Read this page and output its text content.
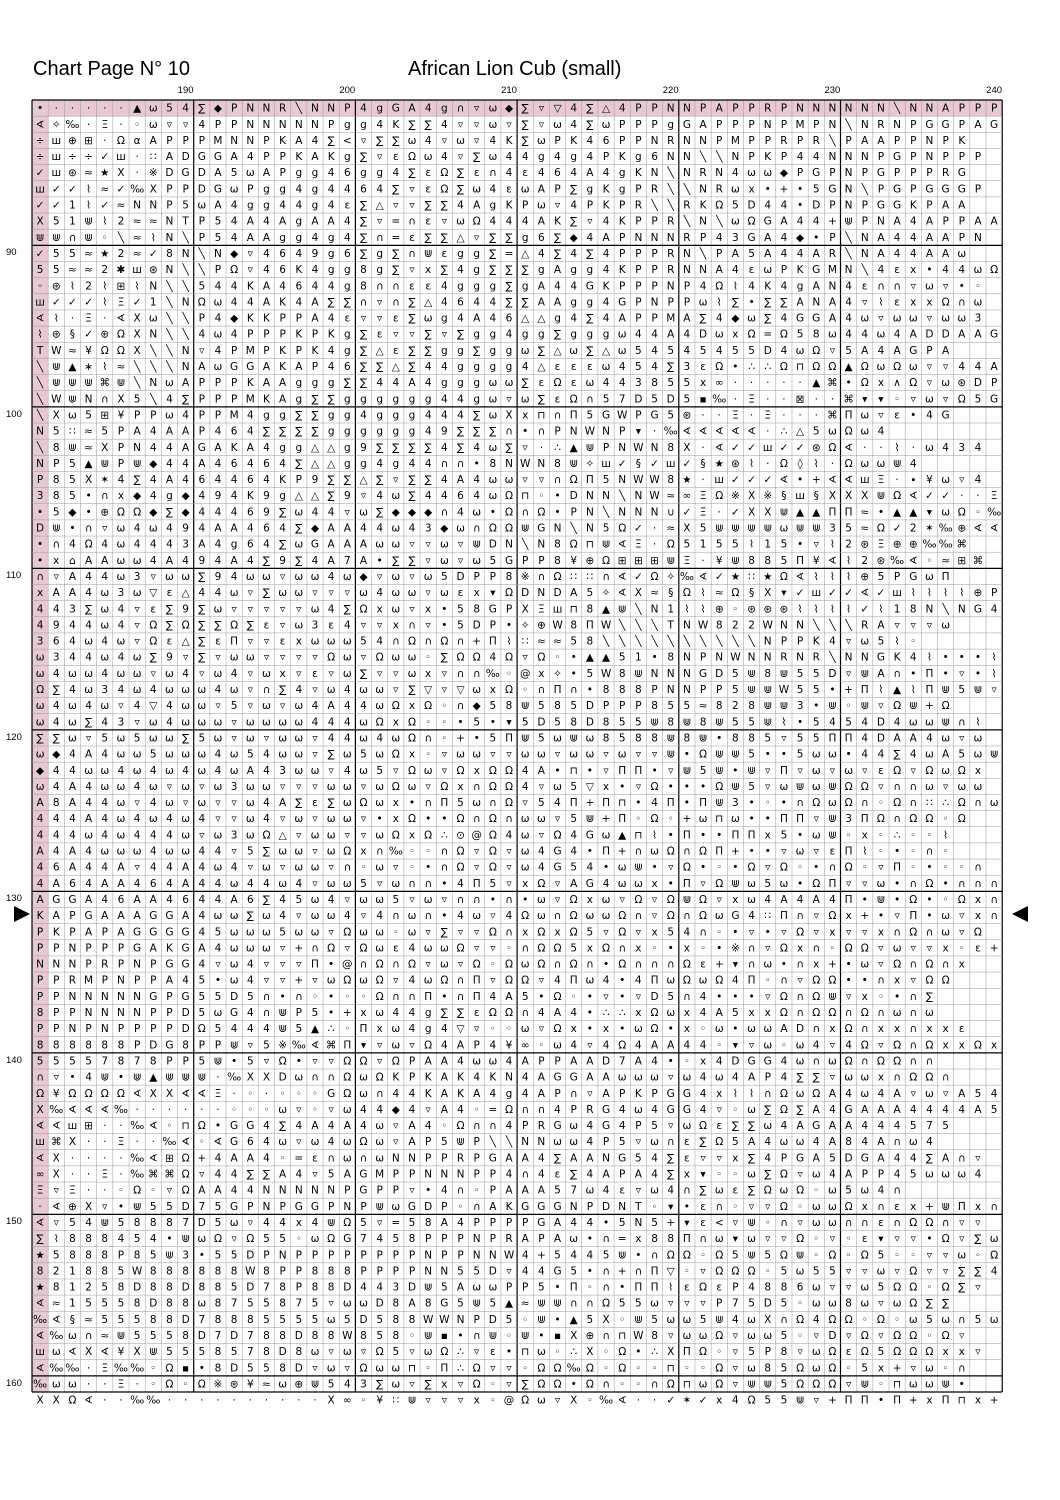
Chart Page N° 10	African Lion Cub (small)
190	200	210	220	230	240
90
100
110
120
130
140
150
160
• · · · · · ▲ ω 5 4 ∑ ◆ P N N R ╲ N N P 4 g G A 4 g ∩ ▿ ω ◆ ∑ ▿ ▽ 4 ∑ △ 4 P P N N P A P P R P N N N N N N ╲ N N A P P P
∢ ✧ ‰ · Ξ · ◦ ω ▿ ▿ 4 P P N N N N N P g g 4 K ∑ ∑ 4 ▿ ▿ ω ▿ ∑ ▿ ω 4 ∑ ω P P P g G A P P P N P M P N ╲ N R N P G G P A G
÷ ш ⊕ ⊞ · Ω α A P P P M N N P K A 4 ∑ < ▿ ∑ ∑ ω 4 ▿ ω ▿ 4 K ∑ ω P K 4 6 P P N R N N P M P P R P R ╲ P A A P P N P K
÷ ш ÷ ÷ ✓ ш · ∷ A D G G A 4 P P K A K g ∑ ▿ ε Ω ω 4 ▿ ∑ ω 4 4 g 4 g 4 P K g 6 N N ╲ ╲ N P K P 4 4 N N N P G P N P P P
✓ ш ⊛ ≈ ★ Ⅹ · ※ D G D A 5 ω A P g g 4 6 g g 4 ∑ ε Ω ∑ ε ∩ 4 ε 4 6 4 A 4 g K N ╲ N R N 4 ω ω ◆ P G P N P G P P P R G
ш ✓ ✓ ⌇ ≈ ✓ ‰ Χ P P D G ω P g g 4 g 4 4 6 4 ∑ ▿ ε Ω ∑ ω 4 ε ω A P ∑ g K g P R ╲ ╲ N R ω x • + • 5 G N ╲ P G P G G G P
✓ ✓ 1 ⌇ ✓ ≈ N N P 5 ω A 4 g g 4 4 g 4 ε ∑ △ ▿ ▿ ∑ ∑ 4 A g K P ω ▿ 4 P K P R ╲ ╲ R K Ω 5 D 4 4 • D P N P G G K P A A
Χ 5 1 ⋓ ⌇ 2 ≈ ≈ N T P 5 4 A 4 A g A A 4 ∑ ▿ = ∩ ε ▿ ω Ω 4 4 4 A K ∑ ▿ 4 K P P R ╲ N ╲ ω Ω G A 4 4 + ⋓ P N A 4 A P P A A
⋓ ⋓ ∩ ⋓ ◦ ╲ ≈ ⌇ N ╲ P 5 4 A A g g 4 g 4 ∑ ∩ = ε ∑ ∑ △ ▿ ∑ ∑ g 6 ∑ ◆ 4 A P N N N R P 4 3 G A 4 ◆ • P ╲ N A 4 4 A A P N
✓ 5 5 ≈ ★ 2 ≈ ✓ 8 N ╲ N ◆ ▿ 4 6 4 9 g 6 ∑ g ∑ ∩ ⋓ ε g g ∑ = △ 4 ∑ 4 ∑ 4 P P P R N ╲ P A 5 A 4 4 A R ╲ N A 4 4 A A ω
5 5 ≈ ≈ 2 ✱ ш ⊛ N ╲ ╲ P Ω ▿ 4 6 K 4 g g 8 g ∑ ▿ x ∑ 4 g ∑ ∑ ∑ g A g g 4 K P P R N N A 4 ε ω P K G M N ╲ 4 ε x • 4 4 ω Ω
◦ ⊛ ⌇ 2 ⌇ ⊞ ⌇ N ╲ ╲ 5 4 4 K A 4 6 4 4 g 8 ∩ ∩ ε ε 4 g g g ∑ g A 4 4 G K P P P N P 4 Ω ⌇ 4 K 4 g A N 4 ε ∩ ∩ ▿ ω ▿ • ◦
ш ✓ ✓ ✓ ⌇ Ξ ✓ 1 ╲ N Ω ω 4 4 A K 4 A ∑ ∑ ∩ ▿ ∩ ∑ △ 4 6 4 4 ∑ ∑ A A g g 4 G P N P P ω ⌇ ∑ • ∑ ∑ A N A 4 ▿ ⌇ ε x x Ω ∩ ω
∢ ⌇ · Ξ · ∢ Χ ω ╲ ╲ P 4 ◆ K K P P A 4 ε ▿ ▿ ε ∑ ω g 4 A 4 6 △ △ g 4 ∑ 4 A P P M A ∑ 4 ◆ ω ∑ 4 G G A 4 ω ▿ ω ω ▿ ω ω 3
⌇ ⊛ § ✓ ⊛ Ω Χ N ╲ ╲ 4 ω 4 P P P K P K g ∑ ε ▿ ▿ ∑ ▿ ∑ g g 4 g g ∑ g g g ω 4 4 A 4 D ω x Ω = Ω 5 8 ω 4 4 ω 4 A D D A A G
T W ≈ ¥ Ω Ω Χ ╲ ╲ N ▿ 4 P M P K P K 4 g ∑ △ ε ∑ ∑ g g ∑ g g ω ∑ △ ω ∑ △ ω 5 4 5 4 5 4 5 5 D 4 ω Ω ▿ 5 A 4 A G P A
╲ ⋓ ▲ ∗ ⌇ ≈ ╲ ╲ ╲ N A ω G G A K A P 4 6 ∑ ∑ △ ∑ 4 4 g g g g 4 △ ε ε ε ω 4 5 4 ∑ 3 ε Ω • ∴ ∴ Ω ⊓ Ω Ω ▲ Ω ω Ω ω ▿ ▿ 4 4 A
╲ ⋓ ⋓ ⋓ ⌘ ⋓ ╲ N ω A P P P K A A g g g ∑ ∑ 4 4 A 4 g g g ω ω ∑ ε Ω ε ω 4 4 3 8 5 5 x ∞ · · · · · ▲ ⌘ • Ω x ∧ Ω ▿ ω ⊛ D P
╲ W ⋓ N ∩ Ⅹ 5 ╲ 4 ∑ P P P M K A g ∑ ∑ g g g g g g 4 4 g ω ▿ ω ∑ ε Ω ∩ 5 7 D 5 D 5 ▪ ‰ · Ξ · · ⊠ · · ⌘ ▾ ▾ ◦ ▿ ω ▿ Ω 5 G
╲ Χ ω 5 ⊞ ¥ P P ω 4 P P M 4 g g ∑ ∑ g g 4 g g g 4 4 4 ∑ ω Χ x ⊓ ∩ Π 5 G W P G 5 ⊛ · · Ξ · Ξ · · · ⌘ Π ω ▿ ε • 4 G
N 5 ∷ ≈ 5 P A 4 A A P 4 6 4 ∑ ∑ ∑ ∑ g g g g g g 4 9 ∑ ∑ ∑ ∩ • ∩ P N W N P ▾ · ‰ ∢ ∢ ∢ ∢ ∢ · ∴ △ 5 ω Ω ω 4
╲ 8 ⋓ ≈ Χ P N 4 4 A G A K A 4 g g △ △ g 9 ∑ ∑ ∑ ∑ 4 ∑ 4 ω ∑ ▿ · ∴ ▲ ⋓ P N W N 8 Χ · ∢ ✓ ✓ ш ✓ ✓ ⊛ Ω ∢ · · ⌇ · ω 4 3 4
N P 5 ▲ ⋓ P ⋓ ◆ 4 4 A 4 6 4 6 4 ∑ △ △ g g 4 g 4 4 ∩ ∩ • 8 N W N 8 ⋓ ✧ ш ✓ § ✓ ш ✓ § ★ ⊛ ⌇ · Ω ◊ ⌇ · Ω ω ω ⋓ 4
P 8 5 Χ ✶ 4 ∑ 4 A 4 6 4 4 6 4 K P 9 ∑ ∑ △ ∑ ▿ ∑ ∑ 4 A 4 ω ω ▿ ▿ ∩ Ω П 5 N W W 8 ★ · ш ✓ ✓ ✓ ∢ • + ∢ ∢ ш Ξ · ∙ ¥ ω ▿ 4
3 8 5 • ∩ x ◆ 4 g ◆ 4 9 4 K 9 g △ △ ∑ 9 ▿ 4 ω ∑ 4 4 6 4 ω Ω ⊓ ◦ • D N N ╲ N W ≈ ∞ Ξ Ω ※ Χ ※ § ш § Χ Χ Χ ⋓ Ω ∢ ✓ ✓ · · Ξ
• 5 ◆ • ⊕ Ω Ω ◆ ∑ ◆ 4 4 4 6 9 ∑ ω 4 4 ▿ ω ∑ ◆ ◆ ◆ ∩ 4 ω • Ω ∩ Ω • P N ╲ N N N ∪ ✓ Ξ · ✓ Χ Χ ⋓ ▲ ▲ Π Π ≈ • ▲ ▲ ▾ ω Ω ◦ ‰
D ⋓ • ∩ ▿ ω 4 ω 4 9 4 A A 4 6 4 ∑ ◆ A A 4 4 ω 4 3 ◆ ω ∩ Ω Ω ⋓ G N ╲ N 5 Ω ✓ · ≈ Χ 5 ⋓ ⋓ ⋓ ⋓ ω ⋓ ⋓ 3 5 ≈ Ω ✓ 2 ✶ ‰ ⊕ ∢ ∢
• ∩ 4 Ω 4 ω 4 4 4 3 A 4 g 6 4 ∑ ω G A A A ω ω ▿ ▿ ω ▿ ⋓ D N ╲ N 8 Ω ⊓ ⋓ ∢ Ξ · Ω 5 1 5 5 ⌇ 1 5 • ▿ ⌇ 2 ⊛ Ξ ⊕ ⊕ ‰ ‰ ⌘
• x ⌂ A A ω ω 4 A 4 9 4 A 4 ∑ 9 ∑ 4 A 7 A • ∑ ∑ ▿ ω ▿ ω 5 G P P 8 ¥ ⊕ Ω ⊞ ⊞ ⊞ ⋓ Ξ · ¥ ⋓ 8 8 5 Π ¥ ∢ ⌇ 2 ⊛ ‰ ∢ ◦ ≈ ⊞ ⌘
∩ ▿ A 4 4 ω 3 ▿ ω ω ∑ 9 4 ω ω ▿ ω ω 4 ω ◆ ▿ ω ▿ ω 5 D P P 8 ※ ∩ Ω ∷ ∷ ∩ ∢ ✓ Ω ✧ ‰ ∢ ✓ ★ ∷ ★ Ω ∢ ⌇ ⌇ ⌇ ⊕ 5 P G ω Π
x A A 4 ω 3 ω ▽ ε △ 4 4 ω ▿ ∑ ω ω ▿ ▿ ▿ ω 4 ω ω ▿ ω ε x ▾ Ω D N D A 5 ✧ ∢ Χ ≈ § Ω ⌇ ≈ Ω § Ⅹ ▾ ✓ ш ✓ ✓ ∢ ✓ ш ⌇ ⌇ ⌇ ⌇ ⊕ P
4 4 3 ∑ ω 4 ▿ ε ∑ 9 ∑ ω ▿ ▿ ▿ ▿ ▿ ω 4 ∑ Ω x ω ▿ x • 5 8 G P Χ Ξ ш ⊓ 8 ▲ ⋓ ╲ N 1 ⌇ ⌇ ⊕ ◦ ⊛ ⊛ ⊛ ⌇ ⌇ ⌇ ⌇ ✓ ⌇ 1 8 N ╲ N G 4
4 9 4 4 ω 4 ▿ Ω ∑ Ω ∑ ∑ Ω ∑ ε ▿ ω 3 ε 4 ▿ ▿ x ∩ ▿ • 5 D P • ✧ ⊕ W 8 Π W ╲ ╲ ╲ T N W 8 2 2 W N N ╲ ╲ ╲ R A ▿ ▿ ▿ ω
3 6 4 ω 4 ω ▿ Ω ε △ ∑ ε Π ▿ ▿ ε x ω ω ω 5 4 ∩ Ω ∩ Ω ∩ + Π ⌇ ∷ ≈ ≈ 5 8 ╲ ╲ ╲ ╲ ╲ ╲ ╲ ╲ ╲ ╲ N P P K 4 ▿ ω 5 ⌇ ◦
ω 3 4 4 ω 4 ω ∑ 9 ▿ ∑ ▿ ω ω ▿ ▿ ▿ ▿ Ω ω ▿ Ω ω ω ◦ ∑ Ω Ω 4 Ω ▿ Ω ◦ • ▲ ▲ 5 1 • 8 N P N W N N R N R ╲ N N G K 4 ⌇ • • • ⌇
ω 4 ω ω 4 ω ω ▿ ω 4 ▿ ω 4 ▿ ω x ▿ ε ▿ ω ∑ ▿ ▿ ω x ▿ ∩ ∩ ‰ ◦ @ x ✧ • 5 W 8 ⋓ N N N G D 5 ⋓ 8 ⋓ 5 5 D ▿ ⋓ A ∩ • Π • ▿ • ⌇
Ω ∑ 4 ω 3 4 ω 4 ω ω ω 4 ω ▿ ∩ ∑ 4 ▿ ω 4 ω ω ▿ ∑ ▽ ▿ ▽ ω x Ω ◦ ∩ Π ∩ • 8 8 8 P N N P P 5 ⋓ ⋓ W 5 5 • + Π ⌇ ▲ ⌇ Π ⋓ 5 ⋓ ▿
ω 4 ω 4 ω ▿ 4 ▽ 4 ω ω ▿ 5 ▿ ω ▿ ω 4 A 4 4 ω Ω x Ω ◦ ∩ ◆ 5 8 ⋓ 5 8 5 D P P P 8 5 5 ≈ 8 2 8 ⋓ ⋓ 3 • ⋓ ◦ ⋓ ▿ Ω ⋓ + Ω
ω 4 ω ∑ 4 3 ▿ ω 4 ω ω ω ▿ ω ω ω ω 4 4 4 ω Ω x Ω ◦ ◦ • 5 • ▾ 5 D 5 8 D 8 5 5 ⋓ 8 ⋓ 8 ⋓ 5 5 ⋓ ⌇ • 5 4 5 4 D 4 ω ω ⋓ ∩ ⌇
∑ ∑ ω ▿ 5 ω 5 ω ω ∑ 5 ω ▿ ω ▿ ω ω ▿ 4 4 ω 4 ω Ω ∩ ◦ + • 5 Π ⋓ 5 ω ⋓ ω 8 5 8 8 ⋓ 8 ⋓ • 8 8 5 ▿ 5 5 Π Π 4 D A A 4 ω ▿ ω
ω ◆ 4 A 4 ω ω 5 ω ω ω 4 ω 5 4 ω ω ▿ ∑ ω 5 ω Ω x ◦ ▿ ω ω ▿ ▿ ω ω ▿ ω ω ▿ ω ▿ ▿ ⋓ • Ω ⋓ ⋓ 5 • • 5 ω ω • 4 4 ∑ 4 ω A 5 ω ⋓
◆ 4 4 ω ω 4 ω 4 ω 4 ω 4 ω A 4 3 ω ω ▿ 4 ω 5 ▿ Ω ω ▿ Ω x Ω Ω 4 A • ⊓ • ▿ Π Π • ▿ ⋓ 5 ⋓ • ⋓ ▿ Π ▿ ω ▿ ω ▿ ε Ω ▿ Ω ω Ω x
ω 4 A 4 ω ω 4 ω ▿ ω ▿ ω 3 ω ω ▿ ▿ ▿ ω ω ▿ ω Ω ω ▿ Ω x ∩ Ω Ω 4 ▿ ω 5 ▽ x • ▿ Ω • • • Ω ⋓ 5 ▿ ω ⋓ ω ⋓ Ω Ω ▿ ∩ ∩ ω ▿ ω ω
A 8 A 4 4 ω ▿ 4 ω ▿ ω ▿ ▿ ω 4 A ∑ ε ∑ ω Ω ω x • ∩ Π 5 ω ∩ Ω ▿ 5 4 Π + Π ⊓ • 4 Π • Π ⋓ 3 • ◦ • ∩ Ω ω Ω ∩ ◦ Ω ∩ ∷ ∴ Ω ∩ ω
4 4 4 A 4 ω 4 ω 4 ω 4 ▿ ▿ ω 4 ▿ ω ▿ ω ω ▿ • x Ω • • Ω ∩ Ω ∩ ω ω ▿ 5 ⋓ + Π ◦ Ω ◦ + ω ⊓ ω • • Π Π ▿ ⋓ 3 Π Ω ∩ Ω Ω ◦ Ω
4 4 4 ω 4 ω 4 4 4 ω ▿ ω 3 ω Ω △ ▿ ω ω ▿ ▿ ω Ω x Ω ∴ ⊙ @ Ω 4 ω ▿ Ω 4 G ω ▲ ⊓ ⌇ • Π • • Π Π x 5 • ω ⋓ ◦ x ◦ ∴ ◦ ◦ ⌇
A 4 A 4 ω ω ω 4 ω ω 4 4 ▿ 5 ∑ ω ω ▿ ω Ω x ∩ ‰ ◦ ◦ ∩ Ω ▿ Ω ▿ ω 4 G 4 • Π + ∩ ω Ω ∩ Ω Π + • • ▿ ω ▿ ε Π ⌇ ◦ • ◦ ∩ ◦
4 6 A 4 4 A ▿ 4 4 A 4 ω 4 ▿ ω ▿ ω ω ▿ ∩ ◦ ω ▿ ◦ • ∩ Ω ▿ Ω ▿ ω 4 G 5 4 • ω ⋓ • ▿ Ω • ◦ • Ω ▿ Ω ◦ • ∩ Ω ◦ ▿ Π ◦ • ◦ ◦ ∩
4 A 6 4 A A 4 6 4 A 4 4 ω 4 4 ω 4 ▿ ω ω 5 ▿ ω ∩ ∩ • 4 Π 5 ▿ x Ω ▿ A G 4 ω ω x • Π ▿ Ω ⋓ ω 5 ω • Ω Π ▿ ▿ ω • ∩ Ω • ∩ ∩ ∩
A G G A 4 6 A A 4 6 4 4 A 6 ∑ 4 5 ω 4 ▿ ω ω 5 ▿ ω ▿ ∩ ∩ • ∩ • ω ▿ Ω x ω ▿ Ω ▿ Ω ⋓ Ω ▿ x ω 4 A 4 A 4 Π • ⋓ • Ω • ◦ Ω x ∩
K A P G A A A G G A 4 ω ω ∑ ω 4 ▿ ω ω 4 ▿ 4 ∩ ω ∩ • 4 ω ▿ 4 Ω ω ∩ Ω ω ω Ω ∩ ▿ Ω ∩ Ω ω G 4 ∷ Π ∩ ▿ Ω x + • ▿ Π • ω ▿ x ∩
P K P A P A G G G G 4 5 ω ω ω 5 ω ω ▿ Ω ω ω ◦ ω ▿ ∑ ▿ ▿ Ω ∩ x Ω x Ω 5 ▿ Ω ▿ x 5 4 ∩ ◦ • ▿ • ▿ Ω ▿ x ▿ ▿ x ∩ Ω ∩ ω ▿ Ω
P P N P P P G A K G A 4 ω ω ω ▿ + ∩ Ω ▿ Ω ω ε 4 ω ω Ω ▿ ▿ ◦ ∩ Ω Ω 5 x Ω ∩ x ◦ • x ◦ • ※ ∩ ▿ Ω x ∩ ◦ Ω Ω ▿ ω ▿ ▿ x ◦ ε +
N N N P R P N P G G 4 ▿ ω 4 ▿ ▿ ▿ Π • @ ∩ Ω ∩ Ω ▿ ω ▿ Ω ◦ Ω ω Ω ∩ Ω ∩ • Ω ∩ ∩ ∩ Ω ε + ▾ ∩ ω • ∩ x + • ω ▿ Ω ∩ Ω ∩ x
P P R M P N P P A 4 5 • ω 4 ▿ ▿ + ▿ ω Ω ω Ω ▿ 4 ω Ω ∩ Π ▿ Ω Ω ▿ 4 Π ω 4 • 4 Π ω Ω ω Ω 4 Π ◦ ∩ ▿ Ω Ω • • ∩ x ▿ Ω Ω
P P N N N N N G P G 5 5 D 5 ∩ • ∩ ◦ • ◦ ◦ Ω ∩ ∩ Π • ∩ Π 4 A 5 • Ω ◦ • ▿ • ▿ D 5 ∩ 4 • • • ▿ Ω ∩ Ω ⋓ ▿ x ◦ • ∩ ∑
8 P P N N N N P P D 5 ω G 4 ∩ ⋓ P 5 • + x ω 4 4 g ∑ ∑ ε Ω Ω ∩ 4 A 4 • ∴ ∴ x Ω ω x 4 A 5 x x Ω ∩ Ω Ω ∩ Ω ∩ ω ∩ ω
P P N P N P P P P D Ω 5 4 4 4 ⋓ 5 ▲ ∴ ◦ Π x ω 4 g 4 ▽ ▿ ◦ ◦ ω ▿ Ω x • x • ω Ω • x ◦ ω • ω ω A D ∩ x Ω ∩ x x ∩ x x ε
8 8 8 8 8 8 P D G 8 P P ⋓ ▿ 5 ※ ‰ ∢ ⌘ Π ▾ ▿ ω ▿ Ω 4 A P 4 ¥ ∞ ◦ ω 4 ▿ 4 Ω 4 A A 4 4 ◦ ▾ ▿ ω ◦ ω 4 ▿ 4 Ω ▿ Ω ∩ Ω x x Ω x
5 5 5 5 7 8 7 8 P P 5 ⋓ • 5 ▿ Ω • ▿ ▿ Ω Ω ▿ Ω P A A 4 ω ω 4 A P P A A D 7 A 4 • ◦ x 4 D G G 4 ω ∩ ω Ω ∩ Ω Ω ∩ ∩
∩ ▿ • 4 ⋓ • ⋓ ▲ ⋓ ⋓ ⋓ · ‰ Ⅹ Ⅹ D ω ∩ ∩ Ω ω Ω K P K A K 4 K N 4 A G G A A ω ω ω ▿ ω 4 ω 4 A P 4 ∑ ∑ ▿ ω ω x ∩ Ω Ω ∩
Ω ¥ Ω Ω Ω Ω ∢ Ⅹ Ⅹ ∢ ∢ Ξ · ◦ · ◦ ◦ ◦ G Ω ω ∩ 4 4 K A K A 4 g 4 A P ∩ ▿ A P K P G G 4 x ⌇ ⌇ ∩ Ω ω Ω A 4 ω 4 A ▿ ω ▿ A 5 4
Ⅹ ‰ ∢ ∢ ∢ ‰ · · · · · · ◦ ◦ ◦ ω ▿ ◦ ▿ ω 4 4 ◆ 4 ▿ A 4 ◦ = Ω ∩ ∩ 4 P R G 4 ω 4 G G 4 ▿ ◦ ω ∑ Ω ∑ A 4 G A A A 4 4 4 4 A 5
∢ ∢ ш ⊞ · · ‰ ∢ ◦ ⊓ Ω • G G 4 ∑ 4 A 4 A 4 ω ▿ A 4 ◦ Ω ∩ ∩ 4 P R G ω 4 G 4 P 5 ▿ ω Ω ε ∑ ∑ ω 4 A G A A 4 4 4 5 7 5
ш ⌘ Ⅹ · · Ξ · · ‰ ∢ ◦ ∢ G 6 4 ω ▿ ω 4 ω Ω ω ▿ A P 5 ⋓ P ╲ ╲ N N ω ω 4 P 5 ▿ ω ∩ ε ∑ Ω 5 A 4 ω ω 4 A 8 4 A ∩ ω 4
∢ Ⅹ · · · · ‰ ∢ ⊞ Ω + 4 A A 4 ◦ = ε ∩ ω ∩ ω N N P P R P G A A 4 ∑ A A N G 5 4 ∑ ε ▿ ▿ x ∑ 4 P G A 5 D G A 4 4 ∑ A ∩ ▿
∞ Ⅹ · · Ξ · ‰ ⌘ ⌘ Ω ▿ 4 4 ∑ ∑ A 4 ▿ 5 A G M P P N N N P P 4 ∩ 4 ε ∑ 4 A P A 4 ∑ x ▾ ◦ ◦ ω ∑ Ω ▿ ω 4 A P P 4 5 ω ω ω 4
Ξ ▿ Ξ · · ◦ Ω ◦ ▿ Ω A A 4 4 N N N N N P G P P ▿ • 4 ∩ ◦ P A A A 5 7 ω 4 ε ▿ ω 4 ∩ ∑ ω ε ∑ Ω ω Ω ◦ ω 5 ω 4 ∩
· ∢ ⊕ Χ ▿ • ⋓ 5 5 D 7 5 G P N P G G P N P ⋓ ω G D P ◦ ∩ A K G G G N P D N T ◦ ▾ • ε ∩ ◦ ▿ ▿ Ω ◦ ω ω Ω x ∩ ε x + ⋓ Π x ∩
∢ ▿ 5 4 ⋓ 5 8 8 8 7 D 5 ω ▿ 4 4 x 4 ⋓ Ω 5 ▿ = 5 8 A 4 P P P P G A 4 4 • 5 N 5 + ▾ ε < ▿ ⋓ ◦ ∩ ▿ ω ω ∩ ∩ ε ∩ Ω Ω ∩ ▿ ▿
∑ ⌇ 8 8 8 4 5 4 • ⋓ ω Ω ▿ Ω 5 5 ◦ ω Ω G 7 4 5 8 P P P N P R A P A ω • ∩ = x 8 8 Π ∩ ω ▾ ω ▿ ▿ Ω ◦ ▿ ◦ ε ▾ ▿ ▿ • Ω ▿ ∑ ω
★ 5 8 8 8 P 8 5 ⋓ 3 • 5 5 D P N P P P P P P P P N P P N N W 4 + 5 4 4 5 ⋓ • ∩ Ω Ω ◦ Ω 5 ⋓ 5 Ω ⋓ ◦ Ω ◦ Ω 5 ◦ ◦ ▿ ▿ ω ◦ Ω
8 2 1 8 8 5 W 8 8 8 8 8 8 W 8 P P 8 8 8 P P P P N N 5 5 D ▿ 4 4 G 5 • ∩ + ∩ Π ▽ ◦ ▿ Ω Ω Ω ◦ 5 ω 5 5 ▿ ▿ ω ▿ Ω ▿ ▿ ∑ ∑ 4
★ 8 1 2 5 8 D 8 8 D 8 8 5 D 7 8 P 8 8 D 4 4 3 D ⋓ 5 A ω ω P P 5 • Π ◦ ∩ • Π Π ⌇ ε Ω ε P 4 8 8 6 ω ▿ ▿ ω 5 Ω Ω ◦ Ω ∑ ▿
∢ ≈ 1 5 5 5 8 D 8 8 ω 8 7 5 5 8 7 5 ▿ ω ω D 8 A 8 G 5 ⋓ 5 ▲ ≈ ⋓ ⋓ ∩ ∩ Ω 5 5 ω ▿ ▿ ▿ P 7 5 D 5 ◦ ω ω 8 ω ▿ ω Ω ∑ ∑
‰ ∢ § ≈ 5 5 5 8 8 D 7 8 8 8 5 5 5 5 ω 5 D 5 8 8 W W N P D 5 ◦ ⋓ • ▲ 5 Χ ◦ ⋓ 5 ω ω 5 ⋓ 4 ω Χ ∩ Ω 4 Ω Ω ◦ Ω ◦ ω 5 ω ∩ 5 ω
∢ ‰ ω ∩ ≈ ⋓ 5 5 5 8 D 7 D 7 8 8 D 8 8 W 8 5 8 ◦ ⋓ ▪ • ∩ ⋓ ◦ ⋓ • ▪ Χ ⊕ ∩ ⊓ W 8 ▿ ω ω Ω ▿ ω ω 5 ◦ ▿ D ▿ Ω ▿ Ω Ω ◦ Ω ▿
ш ω ∢ Ⅹ ∢ ¥ Χ ⋓ 5 5 5 8 5 7 8 D 8 ω ▿ ω ▿ Ω 5 ▿ ω Ω ∴ ▿ ε • ⊓ ω ◦ ∴ Χ ◦ Ω • ∴ Χ Π Ω ◦ ▿ 5 P 8 ▿ ω Ω ε Ω 5 Ω Ω Ω x x ▿
∢ ‰ ‰ · Ξ ‰ ‰ ◦ Ω ▪ • 8 D 5 5 8 D ▿ ω ▿ Ω ω ω ⊓ ◦ Π ∴ Ω ▿ ▿ ◦ Ω Ω ‰ Ω ◦ Ω ◦ ◦ ⊓ ◦ ◦ Ω ▿ ω 8 5 Ω ω Ω ◦ 5 x + ▿ ω ◦ ∩
‰ ω ω · · Ξ · ◦ Ω ◦ Ω ※ ⊛ ¥ ≈ ω ⊕ ⋓ 5 4 3 ∑ ω ▿ ∑ x ▿ Ω ◦ ▿ ∑ Ω Ω • Ω ∩ ◦ ◦ ∩ Ω ⊓ ω Ω ▿ ⋓ ⋓ 5 Ω Ω Ω ▿ ⋓ ◦ ⊓ ω ω ⋓ •
Χ Χ Ω ∢ · · ‰ ‰ · · · · · · · · · · Ⅹ ∞ ◦ ¥ ∷ ⋓ ▿ ▿ ▿ x ◦ @ Ω ω ▿ Ⅹ ◦ ‰ ∢ · · ✓ ✶ ✓ x 4 Ω 5 5 ⋓ ▿ + Π Π • Π + x Π ⊓ x +
